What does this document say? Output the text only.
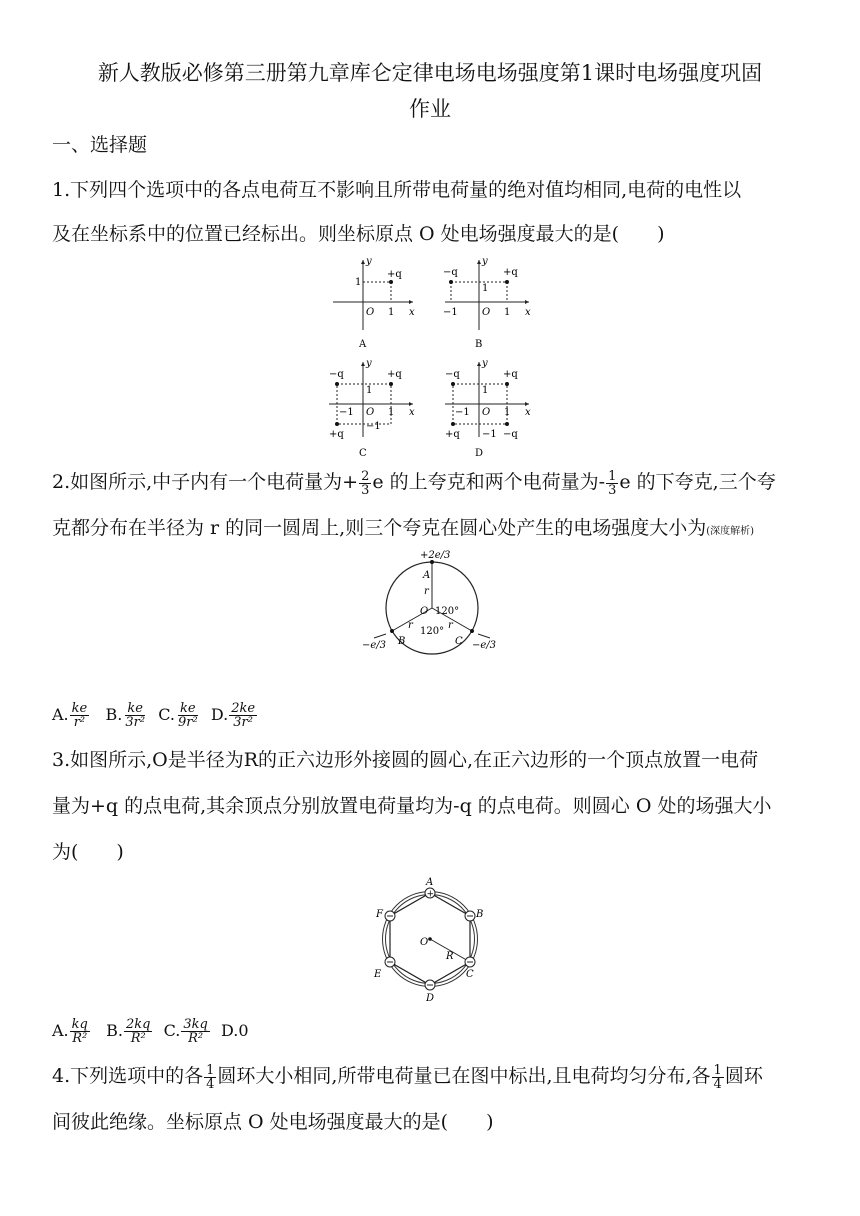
新人教版必修第三册第九章库仑定律电场电场强度第1课时电场强度巩固
作业
一、选择题
1.下列四个选项中的各点电荷互不影响且所带电荷量的绝对值均相同,电荷的电性以
及在坐标系中的位置已经标出。则坐标原点 O 处电场强度最大的是(　　)
y
x
O
1
1
+q
A
y
x
O
1
−1	1
−q	+q
B
y
x
O
1
−1
−1	1
−q	+q
+q
C
y
x
O
1
−1
−1	1
−q	+q
+q	−q
D
2.如图所示,中子内有一个电荷量为+ $\frac{2}{3}$ e 的上夸克和两个电荷量为- $\frac{1}{3}$ e 的下夸克,三个夸
克都分布在半径为 r 的同一圆周上,则三个夸克在圆心处产生的电场强度大小为(深度解析)
+2e/3
−e/3	−e/3
A
B	C
O
r
r	r
120°
120°
A. $\frac{ke}{\text{r²}} B$. $\frac{ke}{\text{3r²}} C$. $\frac{ke}{\text{9r²}} D$. $\frac{2ke}{\text{3r²}}$
3.如图所示,O是半径为R的正六边形外接圆的圆心,在正六边形的一个顶点放置一电荷
量为+q 的点电荷,其余顶点分别放置电荷量均为-q 的点电荷。则圆心 O 处的场强大小
为(　　)
+
A
B
C
D
E
F
O
R
A. $\frac{kq}{\text{R²}} B$. $\frac{2kq}{\text{R²}} C$. $\frac{3kq}{\text{R²}} D.0$
4.下列选项中的各 $\frac{1}{4}$ 圆环大小相同,所带电荷量已在图中标出,且电荷均匀分布,各 $\frac{1}{4}$ 圆环
间彼此绝缘。坐标原点 O 处电场强度最大的是(　　)
